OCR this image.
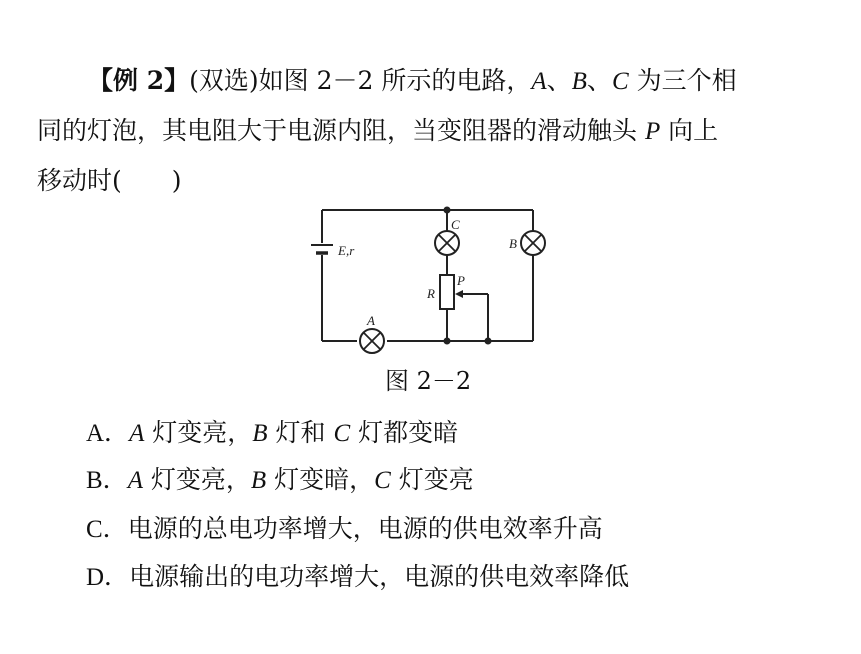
【例 2】(双选)如图 2－2 所示的电路，A、B、C 为三个相
同的灯泡，其电阻大于电源内阻，当变阻器的滑动触头 P 向上
移动时(　　)
E,r
A
C
B
R
P
图 2－2
A．A 灯变亮，B 灯和 C 灯都变暗
B．A 灯变亮，B 灯变暗，C 灯变亮
C．电源的总电功率增大，电源的供电效率升高
D．电源输出的电功率增大，电源的供电效率降低
